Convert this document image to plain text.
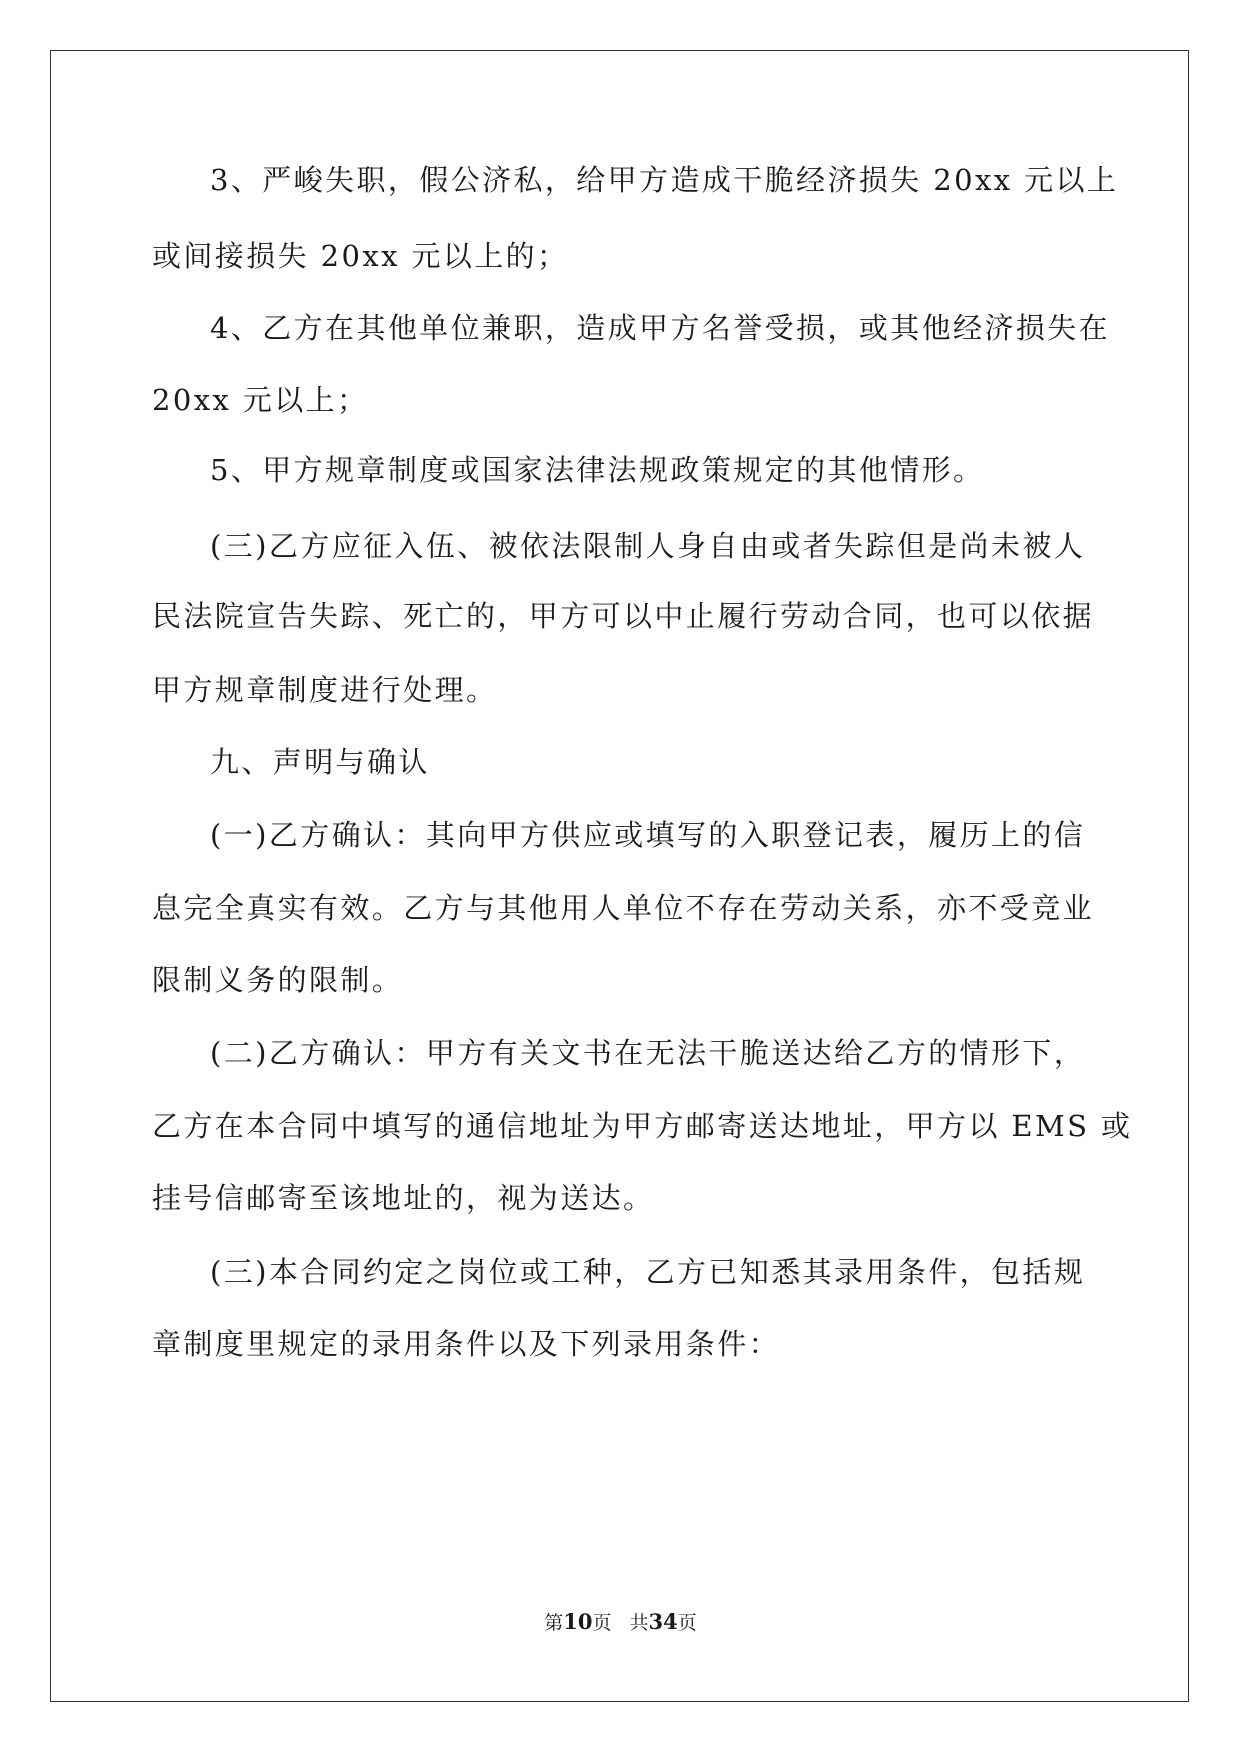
3、严峻失职，假公济私，给甲方造成干脆经济损失 20xx 元以上
或间接损失 20xx 元以上的；
4、乙方在其他单位兼职，造成甲方名誉受损，或其他经济损失在
20xx 元以上；
5、甲方规章制度或国家法律法规政策规定的其他情形。
(三)乙方应征入伍、被依法限制人身自由或者失踪但是尚未被人
民法院宣告失踪、死亡的，甲方可以中止履行劳动合同，也可以依据
甲方规章制度进行处理。
九、声明与确认
(一)乙方确认：其向甲方供应或填写的入职登记表，履历上的信
息完全真实有效。乙方与其他用人单位不存在劳动关系，亦不受竞业
限制义务的限制。
(二)乙方确认：甲方有关文书在无法干脆送达给乙方的情形下，
乙方在本合同中填写的通信地址为甲方邮寄送达地址，甲方以 EMS 或
挂号信邮寄至该地址的，视为送达。
(三)本合同约定之岗位或工种，乙方已知悉其录用条件，包括规
章制度里规定的录用条件以及下列录用条件：
第10页 共34页
